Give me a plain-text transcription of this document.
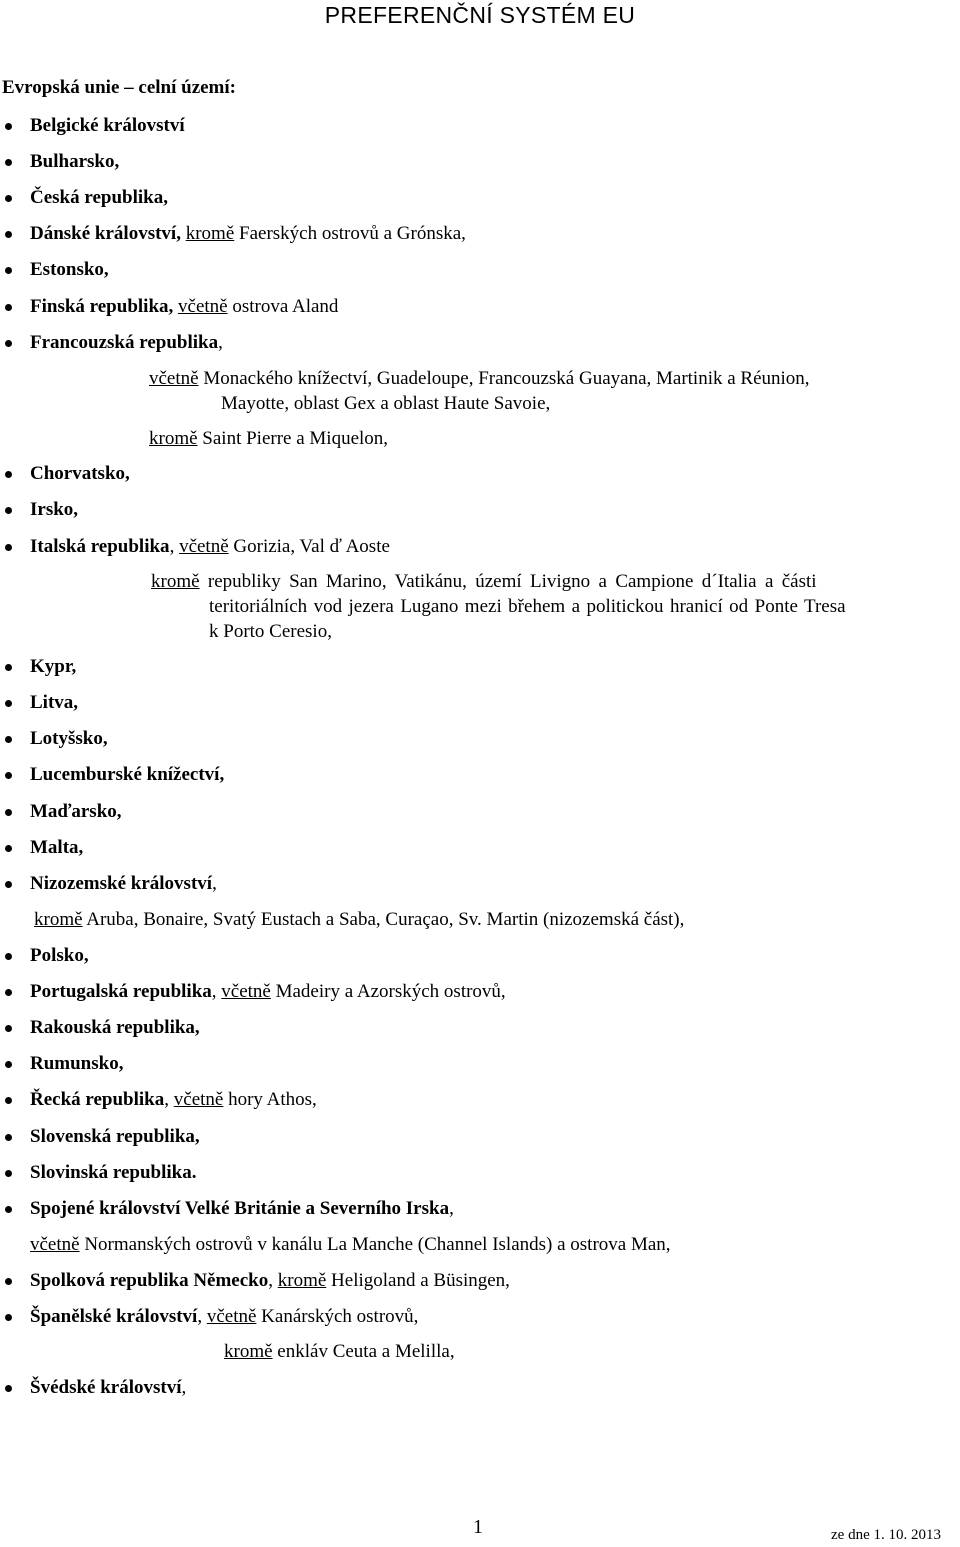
PREFERENČNÍ SYSTÉM EU
Evropská unie – celní území:
Belgické království
Bulharsko,
Česká republika,
Dánské království, kromě Faerských ostrovů a Grónska,
Estonsko,
Finská republika, včetně ostrova Aland
Francouzská republika,
včetně Monackého knížectví, Guadeloupe, Francouzská Guayana, Martinik a Réunion,
Mayotte, oblast Gex a oblast Haute Savoie,
kromě Saint Pierre a Miquelon,
Chorvatsko,
Irsko,
Italská republika, včetně Gorizia, Val ď Aoste
kromě republiky San Marino, Vatikánu, území Livigno a Campione d´Italia a části
teritoriálních vod jezera Lugano mezi břehem a politickou hranicí od Ponte Tresa
k Porto Ceresio,
Kypr,
Litva,
Lotyšsko,
Lucemburské knížectví,
Maďarsko,
Malta,
Nizozemské království,
kromě Aruba, Bonaire, Svatý Eustach a Saba, Curaçao, Sv. Martin (nizozemská část),
Polsko,
Portugalská republika, včetně Madeiry a Azorských ostrovů,
Rakouská republika,
Rumunsko,
Řecká republika, včetně hory Athos,
Slovenská republika,
Slovinská republika.
Spojené království Velké Británie a Severního Irska,
včetně Normanských ostrovů v kanálu La Manche (Channel Islands) a ostrova Man,
Spolková republika Německo, kromě Heligoland a Büsingen,
Španělské království, včetně Kanárských ostrovů,
kromě enkláv Ceuta a Melilla,
Švédské království,
1	ze dne 1. 10. 2013
